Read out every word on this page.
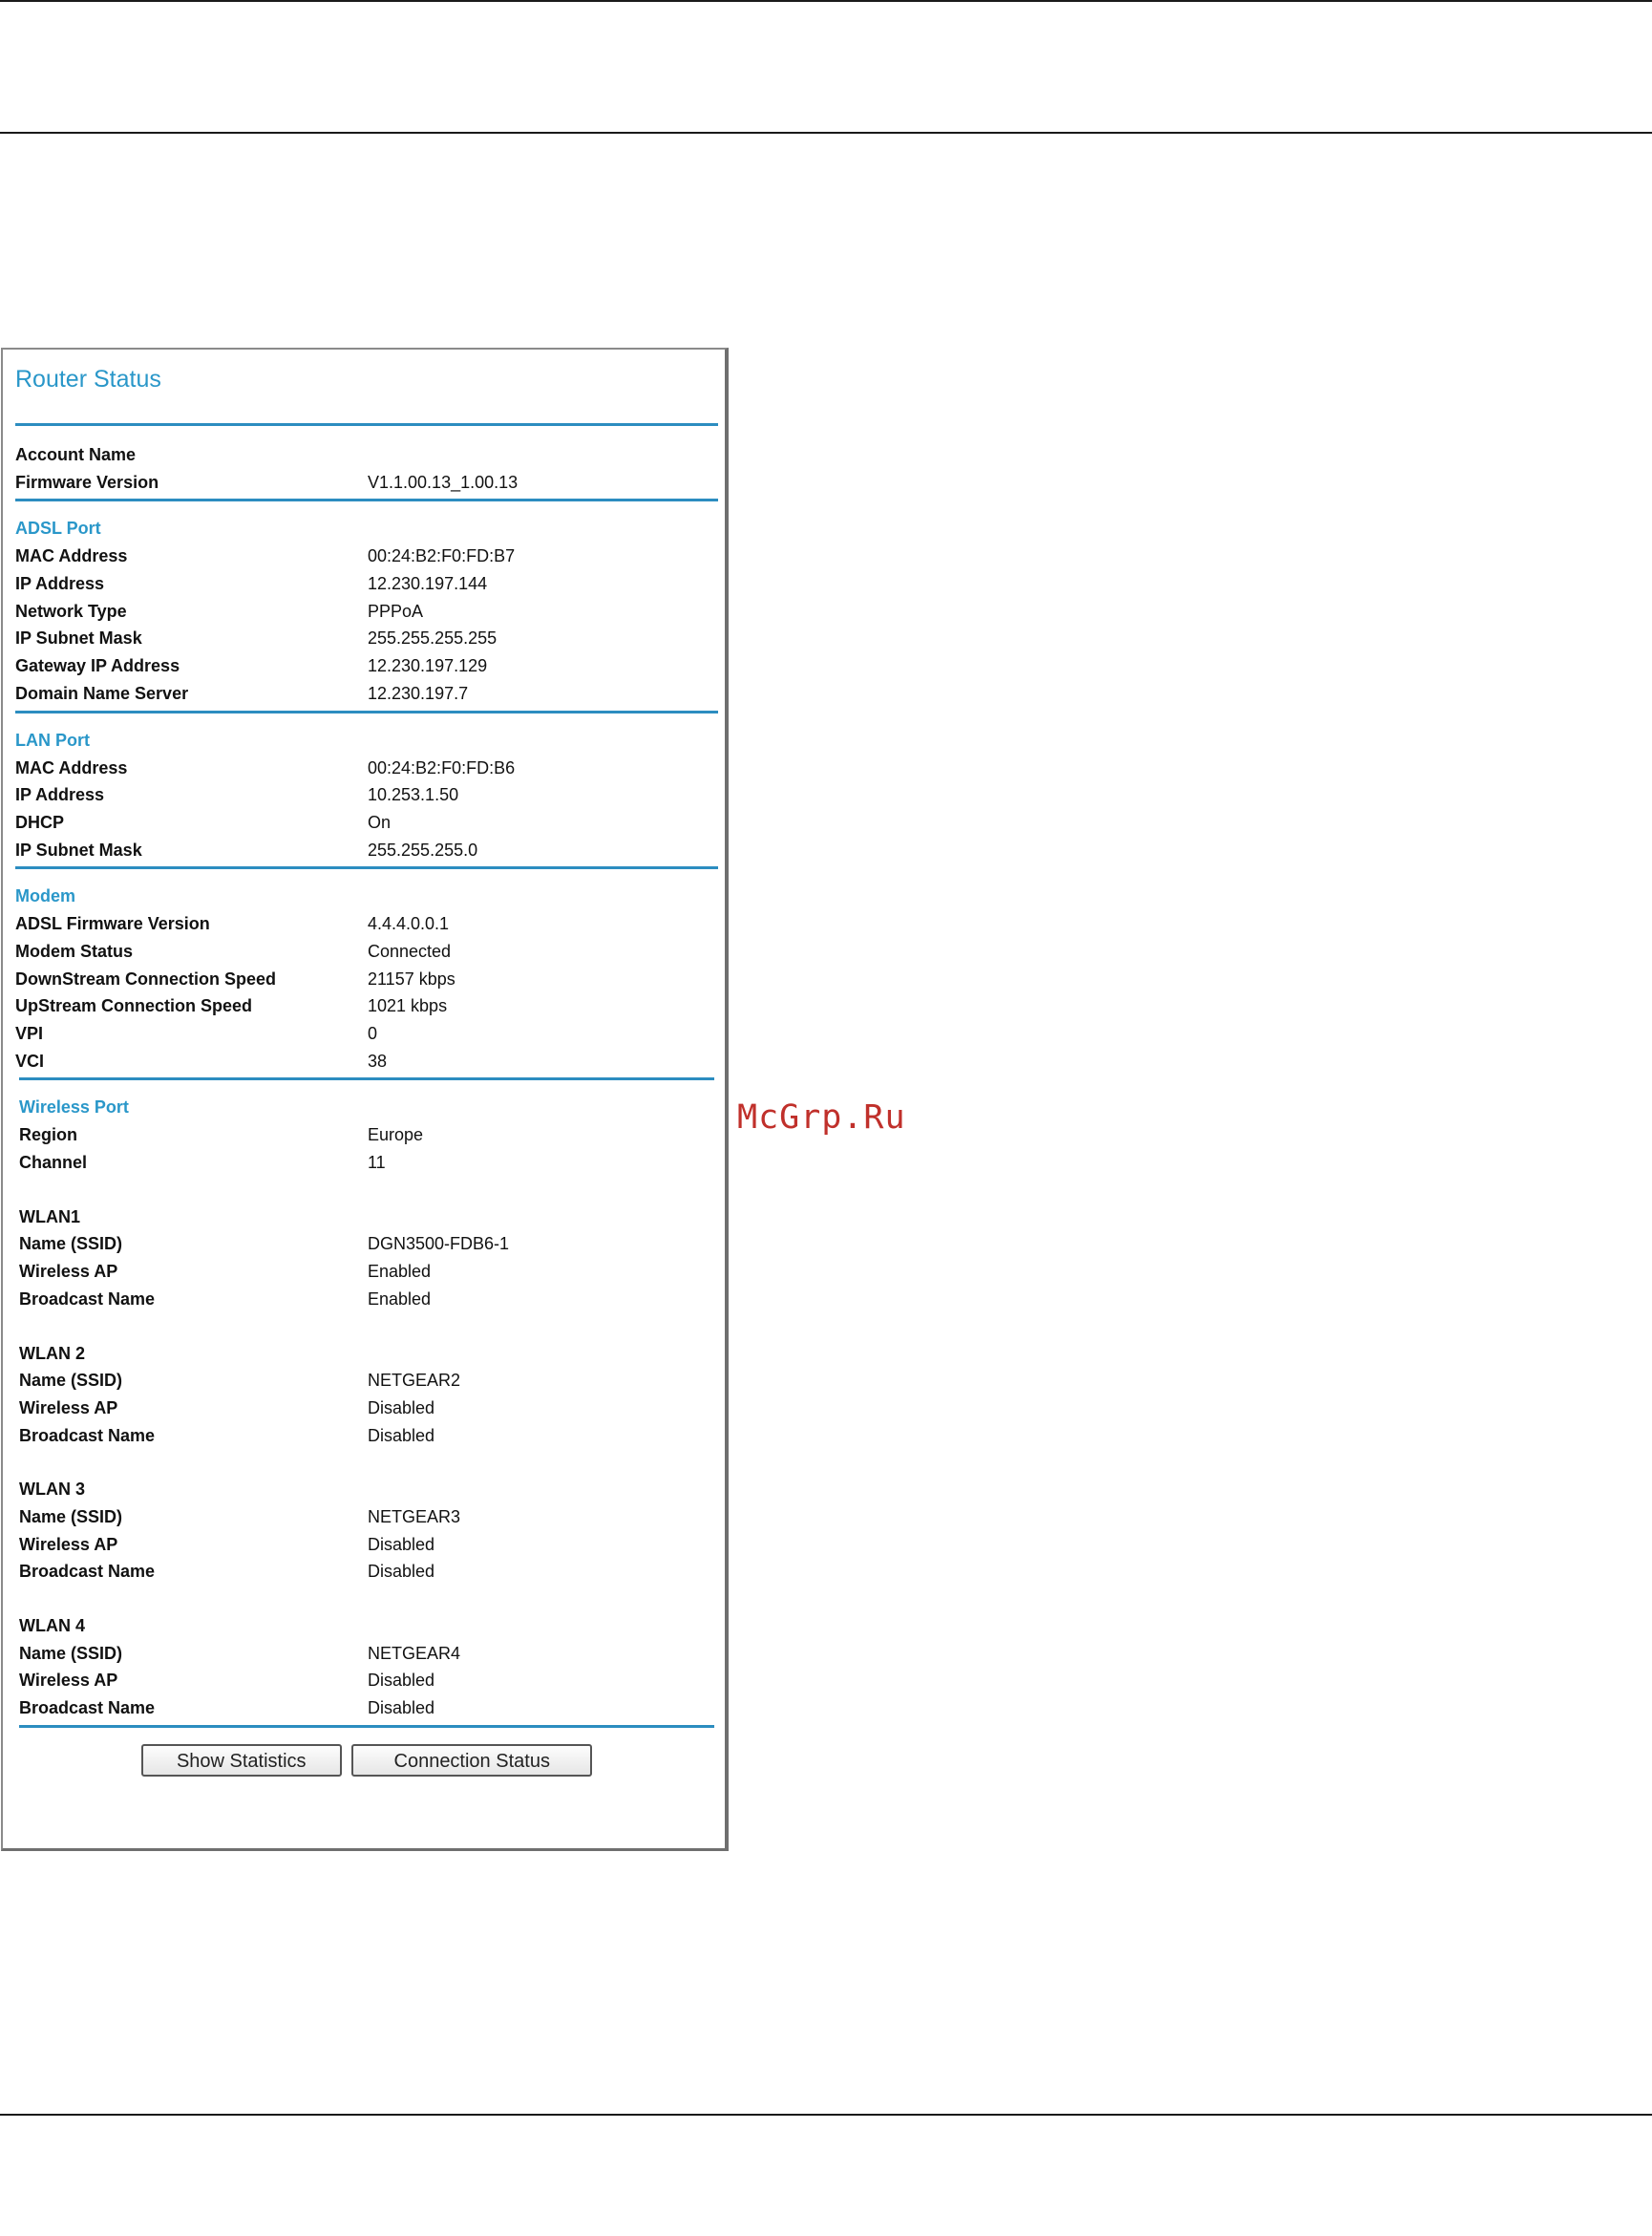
Router Status
Account Name
Firmware Version	V1.1.00.13_1.00.13
ADSL Port
MAC Address	00:24:B2:F0:FD:B7
IP Address	12.230.197.144
Network Type	PPPoA
IP Subnet Mask	255.255.255.255
Gateway IP Address	12.230.197.129
Domain Name Server	12.230.197.7
LAN Port
MAC Address	00:24:B2:F0:FD:B6
IP Address	10.253.1.50
DHCP	On
IP Subnet Mask	255.255.255.0
Modem
ADSL Firmware Version	4.4.4.0.0.1
Modem Status	Connected
DownStream Connection Speed	21157 kbps
UpStream Connection Speed	1021 kbps
VPI	0
VCI	38
Wireless Port
Region	Europe
Channel	11
WLAN1
Name (SSID)	DGN3500-FDB6-1
Wireless AP	Enabled
Broadcast Name	Enabled
WLAN 2
Name (SSID)	NETGEAR2
Wireless AP	Disabled
Broadcast Name	Disabled
WLAN 3
Name (SSID)	NETGEAR3
Wireless AP	Disabled
Broadcast Name	Disabled
WLAN 4
Name (SSID)	NETGEAR4
Wireless AP	Disabled
Broadcast Name	Disabled
Show Statistics	Connection Status
McGrp.Ru
